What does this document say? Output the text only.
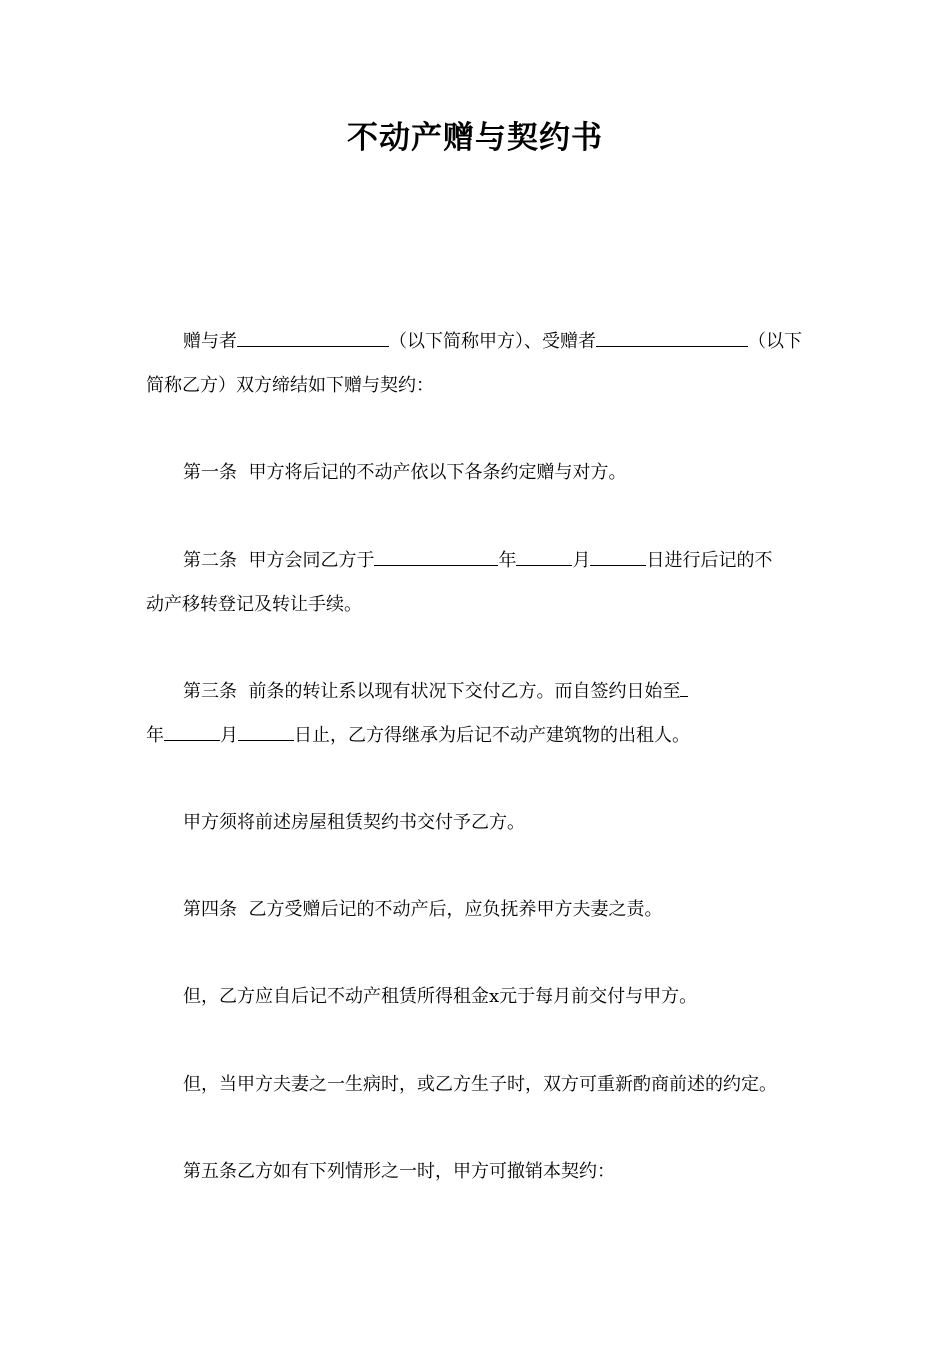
不动产赠与契约书

赠与者	（以下简称甲方）、受赠者	（以下

简称乙方）双方缔结如下赠与契约：

第一条 甲方将后记的不动产依以下各条约定赠与对方。

第二条 甲方会同乙方于	年	月	日进行后记的不

动产移转登记及转让手续。

第三条 前条的转让系以现有状况下交付乙方。而自签约日始至

年	月	日止，乙方得继承为后记不动产建筑物的出租人。

甲方须将前述房屋租赁契约书交付予乙方。

第四条 乙方受赠后记的不动产后，应负抚养甲方夫妻之责。

但，乙方应自后记不动产租赁所得租金x元于每月前交付与甲方。

但，当甲方夫妻之一生病时，或乙方生子时，双方可重新酌商前述的约定。

第五条乙方如有下列情形之一时，甲方可撤销本契约：
